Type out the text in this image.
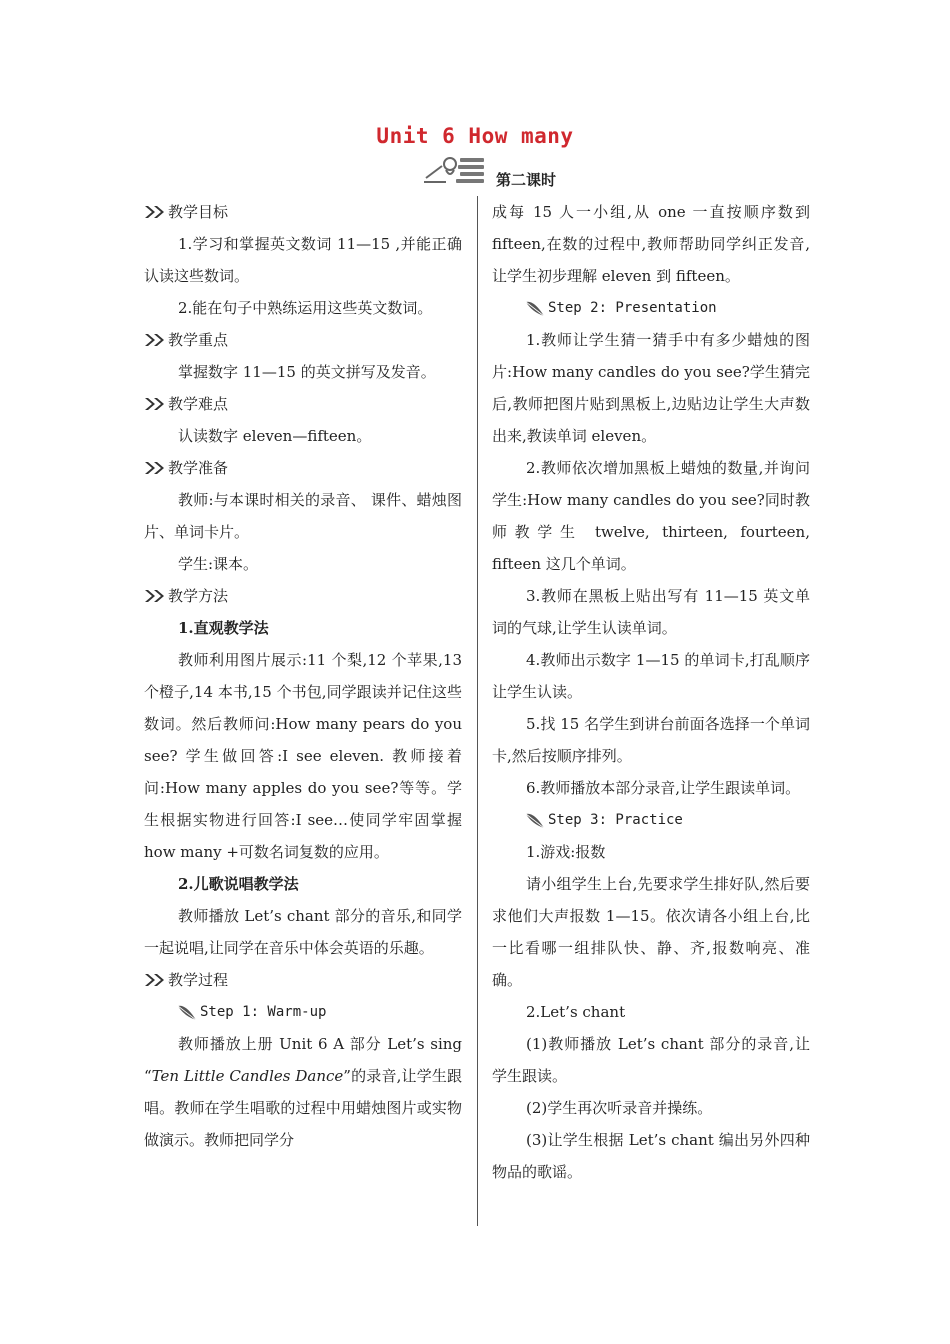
Unit 6 How many
第二课时
教学目标

1.学习和掌握英文数词 11—15 ,并能正确认读这些数词。

2.能在句子中熟练运用这些英文数词。

教学重点

掌握数字 11—15 的英文拼写及发音。

教学难点

认读数字 eleven—fifteen。

教学准备

教师:与本课时相关的录音、 课件、蜡烛图片、单词卡片。

学生:课本。

教学方法

1.直观教学法

教师利用图片展示:11 个梨,12 个苹果,13 个橙子,14 本书,15 个书包,同学跟读并记住这些数词。然后教师问:How many pears do you see? 学生做回答:I see eleven. 教师接着问:How many apples do you see?等等。学生根据实物进行回答:I see…使同学牢固掌握 how many +可数名词复数的应用。

2.儿歌说唱教学法

教师播放 Let’s chant 部分的音乐,和同学一起说唱,让同学在音乐中体会英语的乐趣。

教学过程
Step 1: Warm-up

教师播放上册 Unit 6 A 部分 Let’s sing “Ten Little Candles Dance”的录音,让学生跟唱。教师在学生唱歌的过程中用蜡烛图片或实物做演示。教师把同学分

成每 15 人一小组,从 one 一直按顺序数到 fifteen,在数的过程中,教师帮助同学纠正发音,让学生初步理解 eleven 到 fifteen。

Step 2: Presentation

1.教师让学生猜一猜手中有多少蜡烛的图片:How many candles do you see?学生猜完后,教师把图片贴到黑板上,边贴边让学生大声数出来,教读单词 eleven。

2.教师依次增加黑板上蜡烛的数量,并询问学生:How many candles do you see?同时教师教学生 twelve, thirteen, fourteen, fifteen 这几个单词。

3.教师在黑板上贴出写有 11—15 英文单词的气球,让学生认读单词。

4.教师出示数字 1—15 的单词卡,打乱顺序让学生认读。

5.找 15 名学生到讲台前面各选择一个单词卡,然后按顺序排列。

6.教师播放本部分录音,让学生跟读单词。

Step 3: Practice

1.游戏:报数

请小组学生上台,先要求学生排好队,然后要求他们大声报数 1—15。依次请各小组上台,比一比看哪一组排队快、静、齐,报数响亮、准确。

2.Let’s chant

(1)教师播放 Let’s chant 部分的录音,让学生跟读。

(2)学生再次听录音并操练。

(3)让学生根据 Let’s chant 编出另外四种物品的歌谣。
